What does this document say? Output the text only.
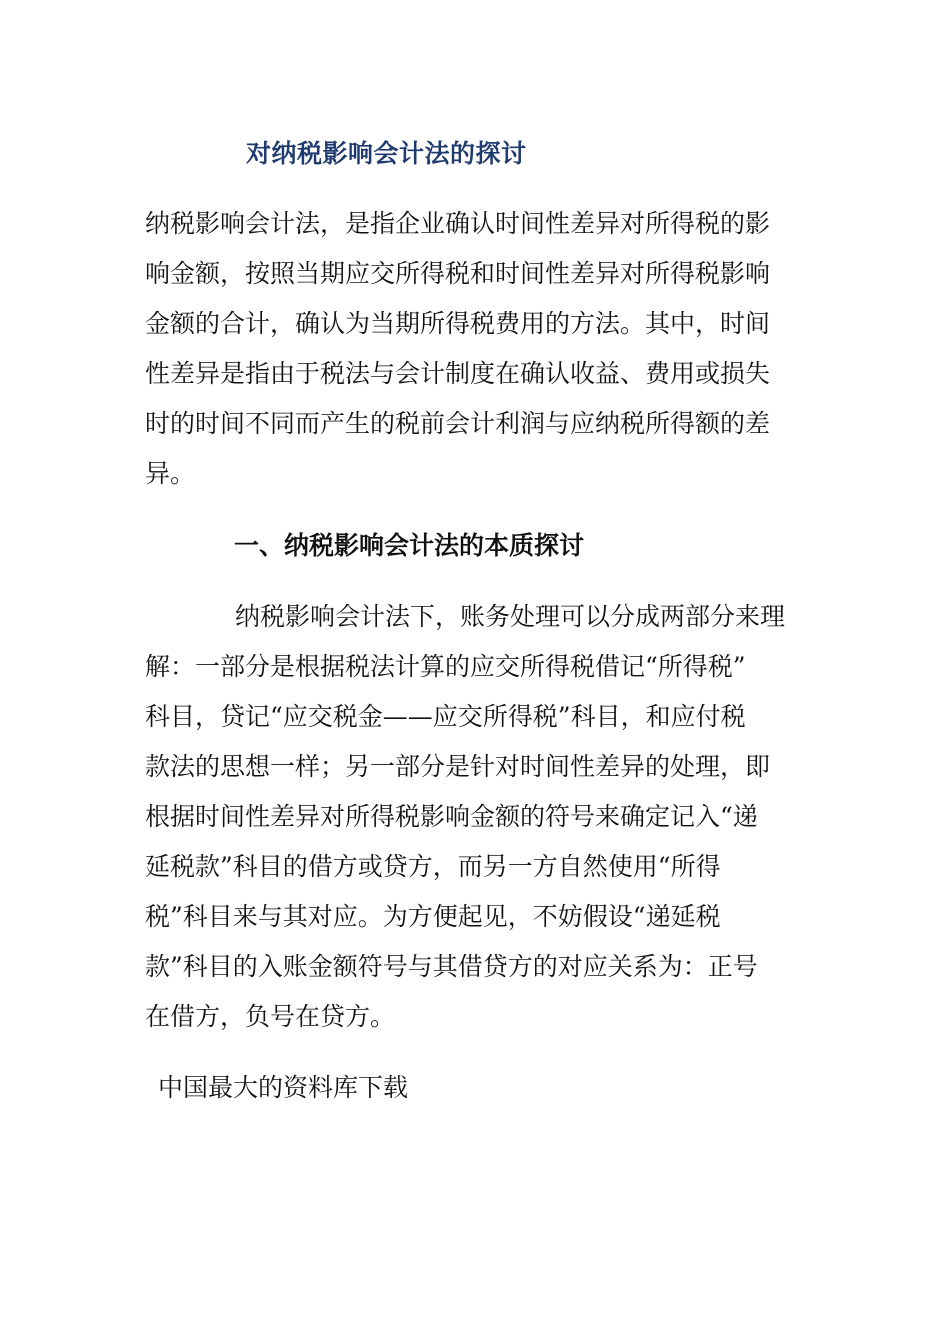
对纳税影响会计法的探讨

纳税影响会计法，是指企业确认时间性差异对所得税的影
响金额，按照当期应交所得税和时间性差异对所得税影响
金额的合计，确认为当期所得税费用的方法。其中，时间
性差异是指由于税法与会计制度在确认收益、费用或损失
时的时间不同而产生的税前会计利润与应纳税所得额的差
异。

一、纳税影响会计法的本质探讨

纳税影响会计法下，账务处理可以分成两部分来理
解：一部分是根据税法计算的应交所得税借记“所得税”
科目，贷记“应交税金——应交所得税”科目，和应付税
款法的思想一样；另一部分是针对时间性差异的处理，即
根据时间性差异对所得税影响金额的符号来确定记入“递
延税款”科目的借方或贷方，而另一方自然使用“所得
税”科目来与其对应。为方便起见，不妨假设“递延税
款”科目的入账金额符号与其借贷方的对应关系为：正号
在借方，负号在贷方。

中国最大的资料库下载
